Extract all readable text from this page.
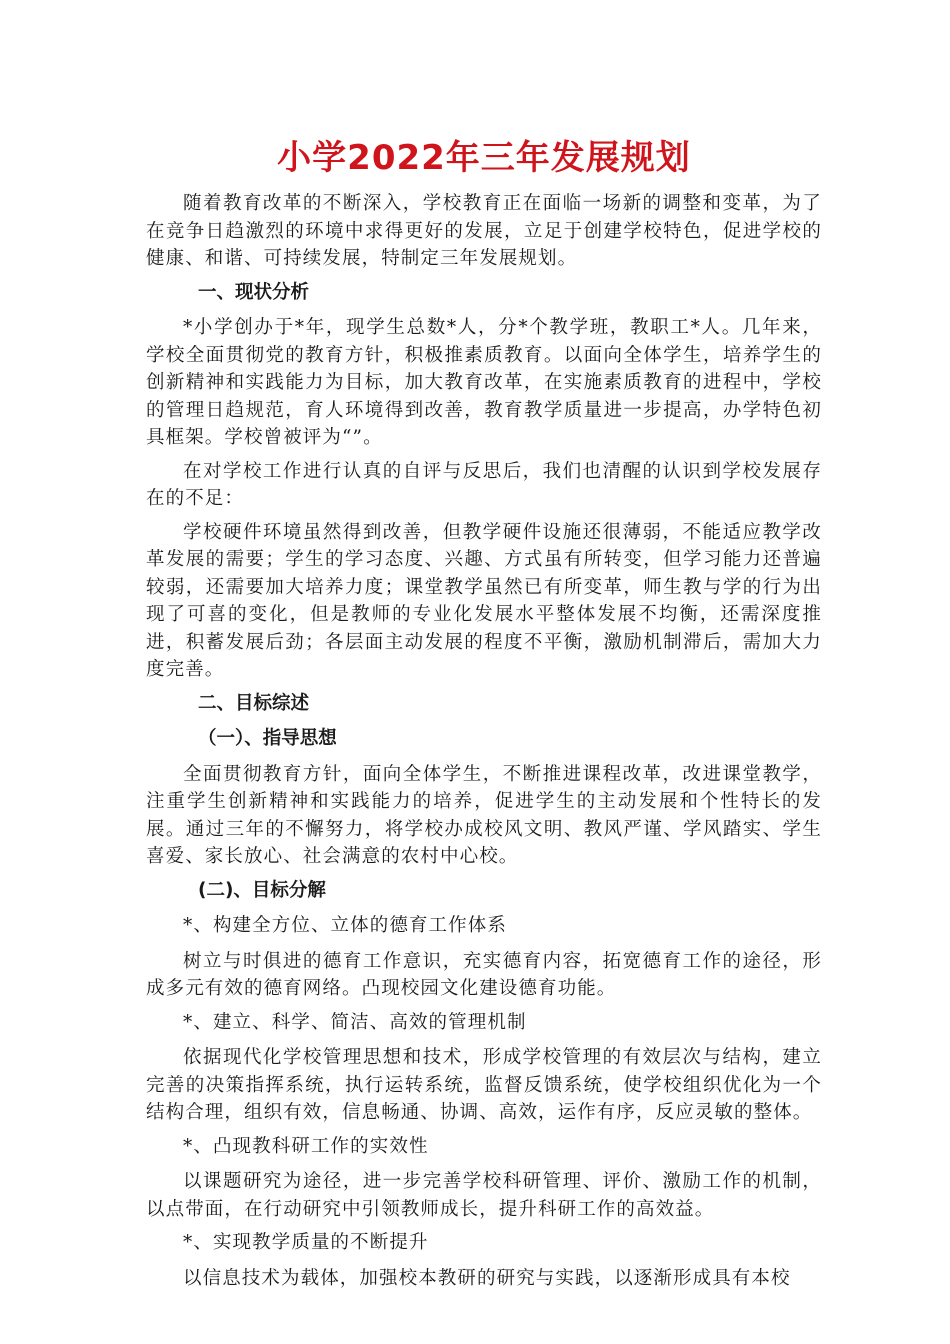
小学2022年三年发展规划

随着教育改革的不断深入，学校教育正在面临一场新的调整和变革，为了在竞争日趋激烈的环境中求得更好的发展，立足于创建学校特色，促进学校的健康、和谐、可持续发展，特制定三年发展规划。

一、现状分析

*小学创办于*年，现学生总数*人，分*个教学班，教职工*人。几年来，学校全面贯彻党的教育方针，积极推素质教育。以面向全体学生，培养学生的创新精神和实践能力为目标，加大教育改革，在实施素质教育的进程中，学校的管理日趋规范，育人环境得到改善，教育教学质量进一步提高，办学特色初具框架。学校曾被评为“”。

在对学校工作进行认真的自评与反思后，我们也清醒的认识到学校发展存在的不足：

学校硬件环境虽然得到改善，但教学硬件设施还很薄弱，不能适应教学改革发展的需要；学生的学习态度、兴趣、方式虽有所转变，但学习能力还普遍较弱，还需要加大培养力度；课堂教学虽然已有所变革，师生教与学的行为出现了可喜的变化，但是教师的专业化发展水平整体发展不均衡，还需深度推进，积蓄发展后劲；各层面主动发展的程度不平衡，激励机制滞后，需加大力度完善。

二、目标综述
（一）、指导思想

全面贯彻教育方针，面向全体学生，不断推进课程改革，改进课堂教学，注重学生创新精神和实践能力的培养，促进学生的主动发展和个性特长的发展。通过三年的不懈努力，将学校办成校风文明、教风严谨、学风踏实、学生喜爱、家长放心、社会满意的农村中心校。

(二)、目标分解
*、构建全方位、立体的德育工作体系

树立与时俱进的德育工作意识，充实德育内容，拓宽德育工作的途径，形成多元有效的德育网络。凸现校园文化建设德育功能。

*、建立、科学、简洁、高效的管理机制

依据现代化学校管理思想和技术，形成学校管理的有效层次与结构，建立完善的决策指挥系统，执行运转系统，监督反馈系统，使学校组织优化为一个结构合理，组织有效，信息畅通、协调、高效，运作有序，反应灵敏的整体。

*、凸现教科研工作的实效性

以课题研究为途径，进一步完善学校科研管理、评价、激励工作的机制，以点带面，在行动研究中引领教师成长，提升科研工作的高效益。

*、实现教学质量的不断提升

以信息技术为载体，加强校本教研的研究与实践，以逐渐形成具有本校
